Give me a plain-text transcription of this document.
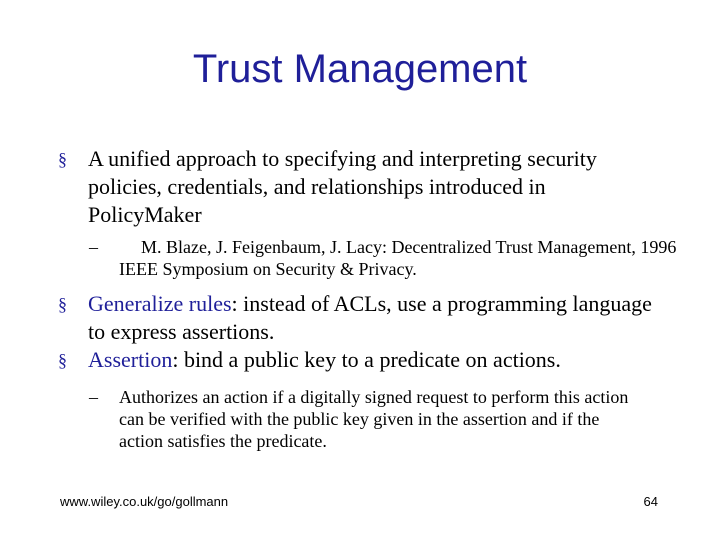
Trust Management
§ A unified approach to specifying and interpreting security policies, credentials, and relationships introduced in PolicyMaker
– M. Blaze, J. Feigenbaum, J. Lacy: Decentralized Trust Management, 1996 IEEE Symposium on Security & Privacy.
§ Generalize rules: instead of ACLs, use a programming language to express assertions.
§ Assertion: bind a public key to a predicate on actions.
– Authorizes an action if a digitally signed request to perform this action can be verified with the public key given in the assertion and if the action satisfies the predicate.
www.wiley.co.uk/go/gollmann	64
